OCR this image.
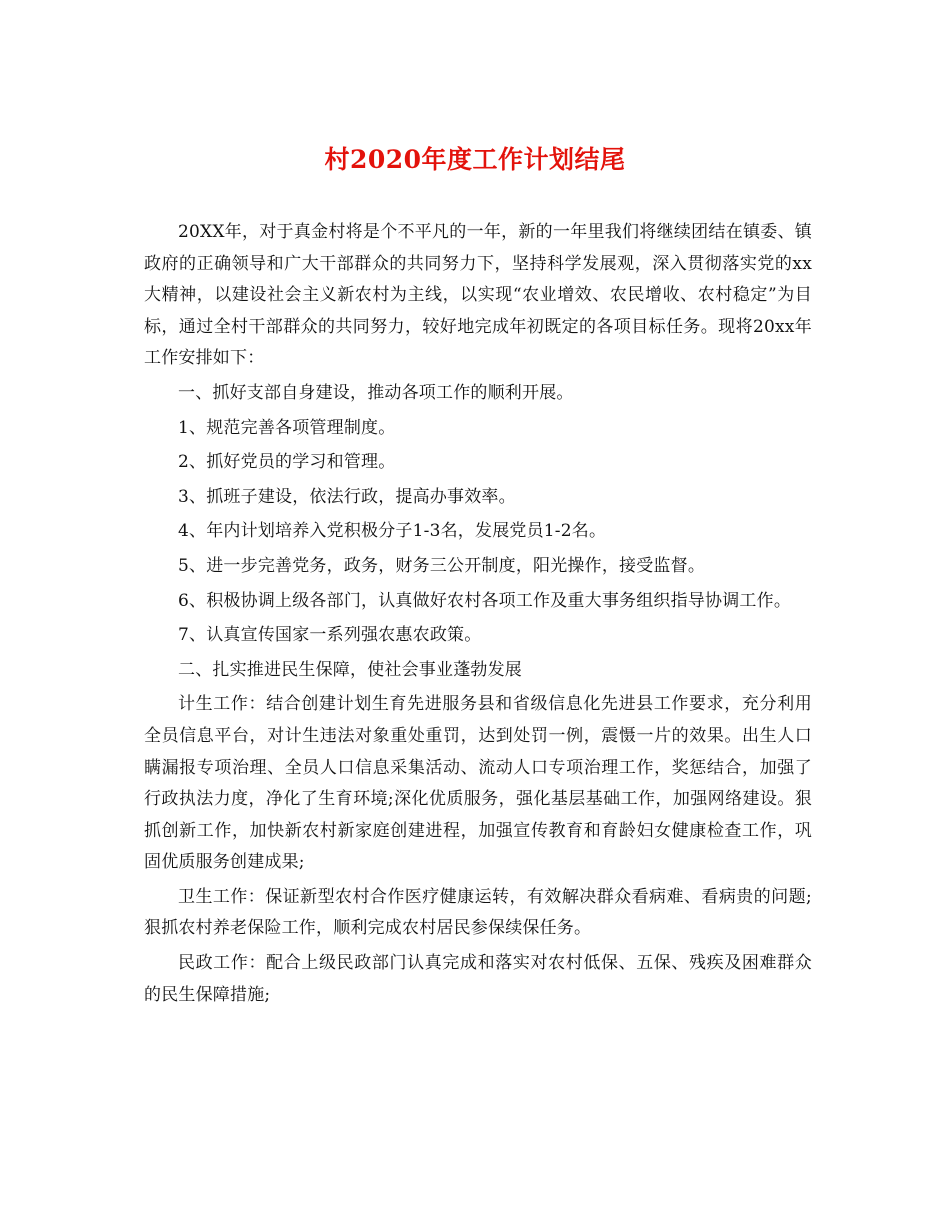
村2020年度工作计划结尾

20XX年，对于真金村将是个不平凡的一年，新的一年里我们将继续团结在镇委、镇政府的正确领导和广大干部群众的共同努力下，坚持科学发展观，深入贯彻落实党的xx大精神，以建设社会主义新农村为主线，以实现“农业增效、农民增收、农村稳定”为目标，通过全村干部群众的共同努力，较好地完成年初既定的各项目标任务。现将20xx年工作安排如下：

一、抓好支部自身建设，推动各项工作的顺利开展。

1、规范完善各项管理制度。

2、抓好党员的学习和管理。

3、抓班子建设，依法行政，提高办事效率。

4、年内计划培养入党积极分子1-3名，发展党员1-2名。

5、进一步完善党务，政务，财务三公开制度，阳光操作，接受监督。

6、积极协调上级各部门，认真做好农村各项工作及重大事务组织指导协调工作。

7、认真宣传国家一系列强农惠农政策。

二、扎实推进民生保障，使社会事业蓬勃发展

计生工作：结合创建计划生育先进服务县和省级信息化先进县工作要求，充分利用全员信息平台，对计生违法对象重处重罚，达到处罚一例，震慑一片的效果。出生人口瞒漏报专项治理、全员人口信息采集活动、流动人口专项治理工作，奖惩结合，加强了行政执法力度，净化了生育环境;深化优质服务，强化基层基础工作，加强网络建设。狠抓创新工作，加快新农村新家庭创建进程，加强宣传教育和育龄妇女健康检查工作，巩固优质服务创建成果;

卫生工作：保证新型农村合作医疗健康运转，有效解决群众看病难、看病贵的问题;狠抓农村养老保险工作，顺利完成农村居民参保续保任务。

民政工作：配合上级民政部门认真完成和落实对农村低保、五保、残疾及困难群众的民生保障措施;
